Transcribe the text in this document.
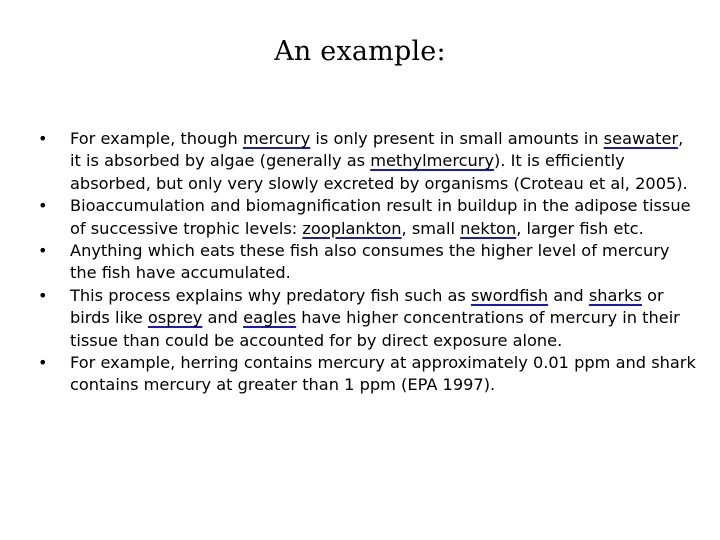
An example:
•	For example, though mercury is only present in small amounts in seawater, it is absorbed by algae (generally as methylmercury). It is efficiently absorbed, but only very slowly excreted by organisms (Croteau et al, 2005).
•	Bioaccumulation and biomagnification result in buildup in the adipose tissue of successive trophic levels: zooplankton, small nekton, larger fish etc.
•	Anything which eats these fish also consumes the higher level of mercury the fish have accumulated.
•	This process explains why predatory fish such as swordfish and sharks or birds like osprey and eagles have higher concentrations of mercury in their tissue than could be accounted for by direct exposure alone.
•	For example, herring contains mercury at approximately 0.01 ppm and shark contains mercury at greater than 1 ppm (EPA 1997).
